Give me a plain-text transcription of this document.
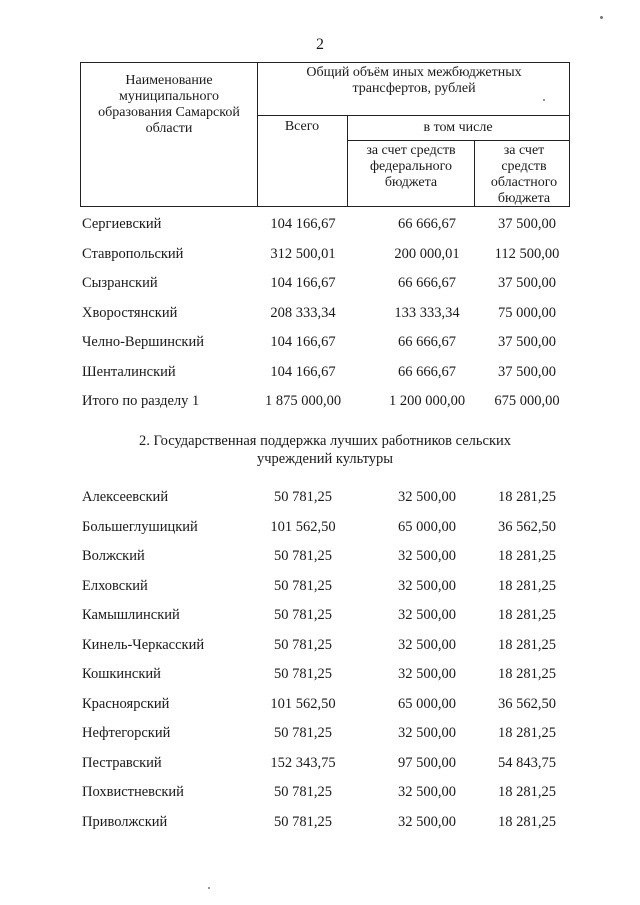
2
Наименование муниципального образования Самарской области
Общий объём иных межбюджетных трансфертов, рублей
Всего	в том числе
за счет средств федерального бюджета
за счет средств областного бюджета
Сергиевский	104 166,67	66 666,67	37 500,00
Ставропольский	312 500,01	200 000,01	112 500,00
Сызранский	104 166,67	66 666,67	37 500,00
Хворостянский	208 333,34	133 333,34	75 000,00
Челно-Вершинский	104 166,67	66 666,67	37 500,00
Шенталинский	104 166,67	66 666,67	37 500,00
Итого по разделу 1	1 875 000,00	1 200 000,00	675 000,00
2. Государственная поддержка лучших работников сельских учреждений культуры
Алексеевский	50 781,25	32 500,00	18 281,25
Большеглушицкий	101 562,50	65 000,00	36 562,50
Волжский	50 781,25	32 500,00	18 281,25
Елховский	50 781,25	32 500,00	18 281,25
Камышлинский	50 781,25	32 500,00	18 281,25
Кинель-Черкасский	50 781,25	32 500,00	18 281,25
Кошкинский	50 781,25	32 500,00	18 281,25
Красноярский	101 562,50	65 000,00	36 562,50
Нефтегорский	50 781,25	32 500,00	18 281,25
Пестравский	152 343,75	97 500,00	54 843,75
Похвистневский	50 781,25	32 500,00	18 281,25
Приволжский	50 781,25	32 500,00	18 281,25
